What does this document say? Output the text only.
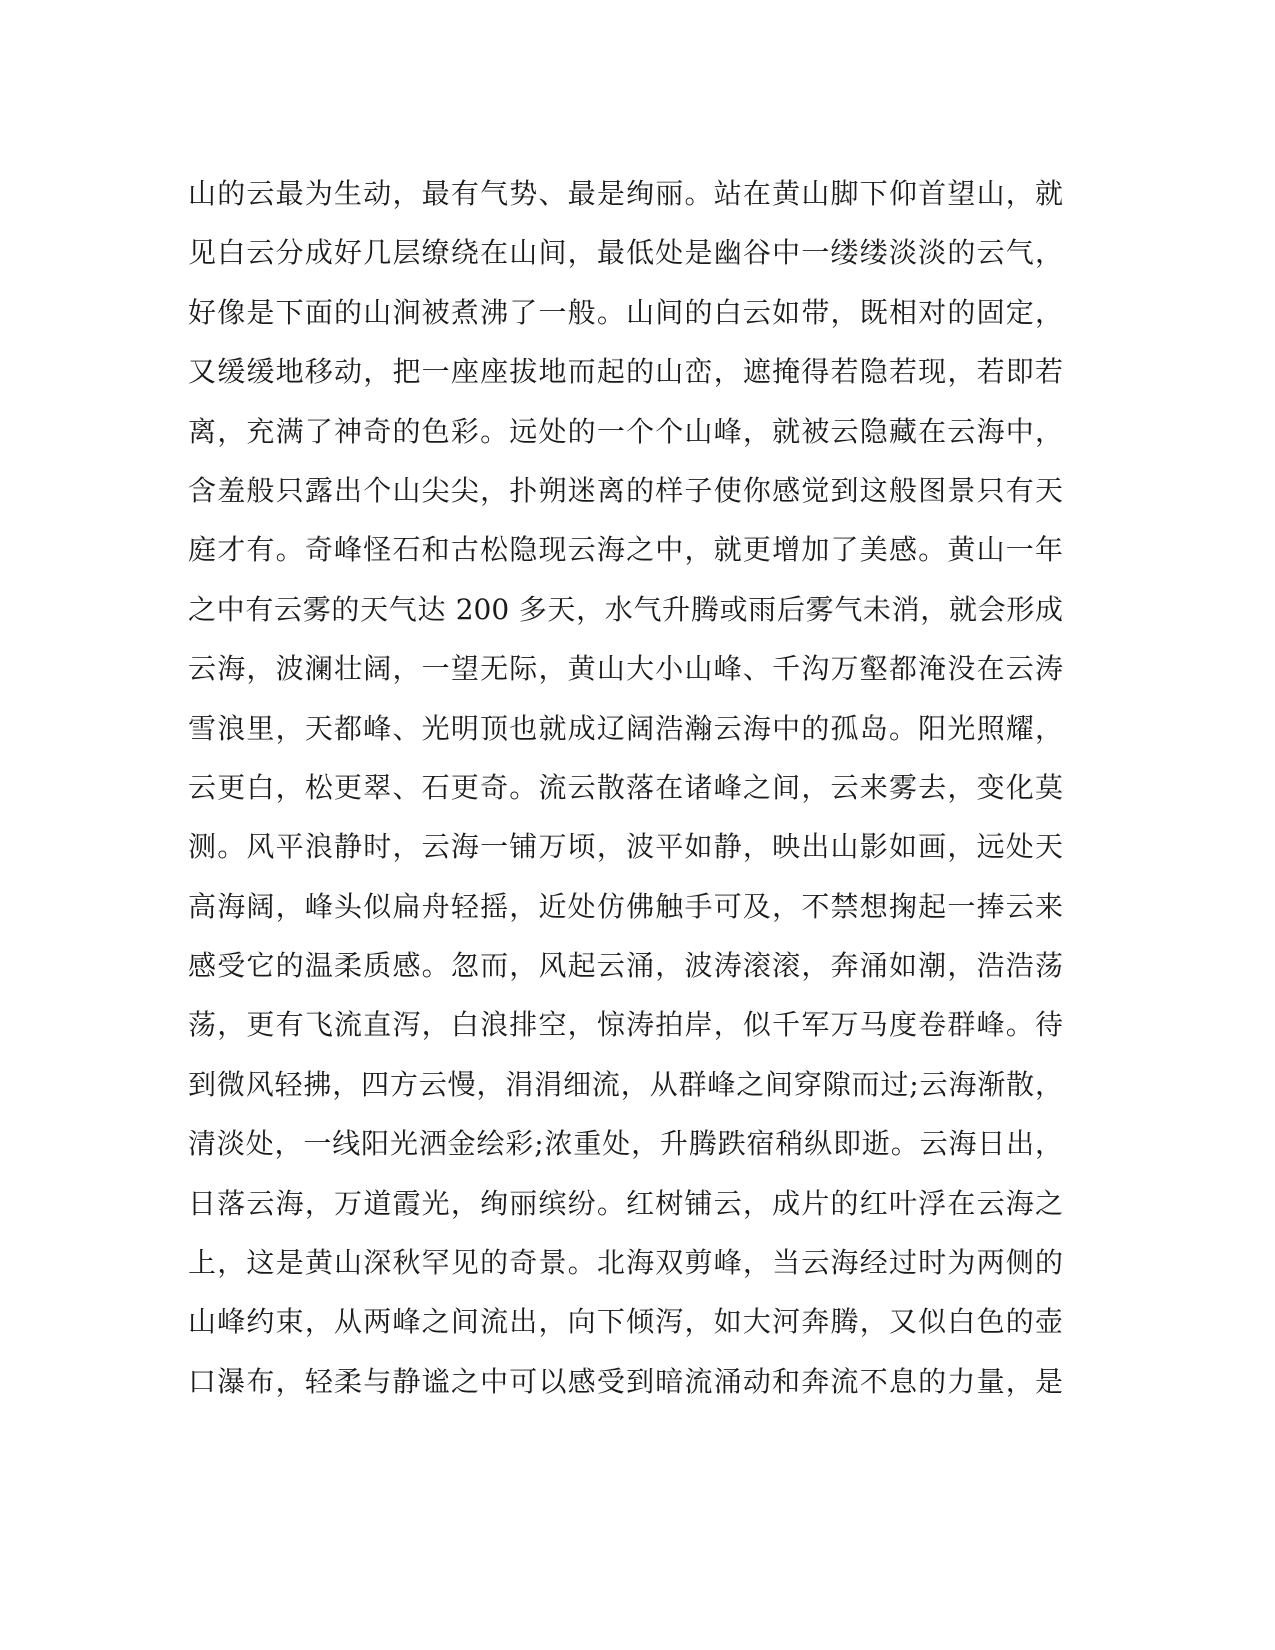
山的云最为生动，最有气势、最是绚丽。站在黄山脚下仰首望山，就
见白云分成好几层缭绕在山间，最低处是幽谷中一缕缕淡淡的云气，
好像是下面的山涧被煮沸了一般。山间的白云如带，既相对的固定，
又缓缓地移动，把一座座拔地而起的山峦，遮掩得若隐若现，若即若
离，充满了神奇的色彩。远处的一个个山峰，就被云隐藏在云海中，
含羞般只露出个山尖尖，扑朔迷离的样子使你感觉到这般图景只有天
庭才有。奇峰怪石和古松隐现云海之中，就更增加了美感。黄山一年
之中有云雾的天气达 200 多天，水气升腾或雨后雾气未消，就会形成
云海，波澜壮阔，一望无际，黄山大小山峰、千沟万壑都淹没在云涛
雪浪里，天都峰、光明顶也就成辽阔浩瀚云海中的孤岛。阳光照耀，
云更白，松更翠、石更奇。流云散落在诸峰之间，云来雾去，变化莫
测。风平浪静时，云海一铺万顷，波平如静，映出山影如画，远处天
高海阔，峰头似扁舟轻摇，近处仿佛触手可及，不禁想掬起一捧云来
感受它的温柔质感。忽而，风起云涌，波涛滚滚，奔涌如潮，浩浩荡
荡，更有飞流直泻，白浪排空，惊涛拍岸，似千军万马度卷群峰。待
到微风轻拂，四方云慢，涓涓细流，从群峰之间穿隙而过;云海渐散，
清淡处，一线阳光洒金绘彩;浓重处，升腾跌宿稍纵即逝。云海日出，
日落云海，万道霞光，绚丽缤纷。红树铺云，成片的红叶浮在云海之
上，这是黄山深秋罕见的奇景。北海双剪峰，当云海经过时为两侧的
山峰约束，从两峰之间流出，向下倾泻，如大河奔腾，又似白色的壶
口瀑布，轻柔与静谧之中可以感受到暗流涌动和奔流不息的力量，是
